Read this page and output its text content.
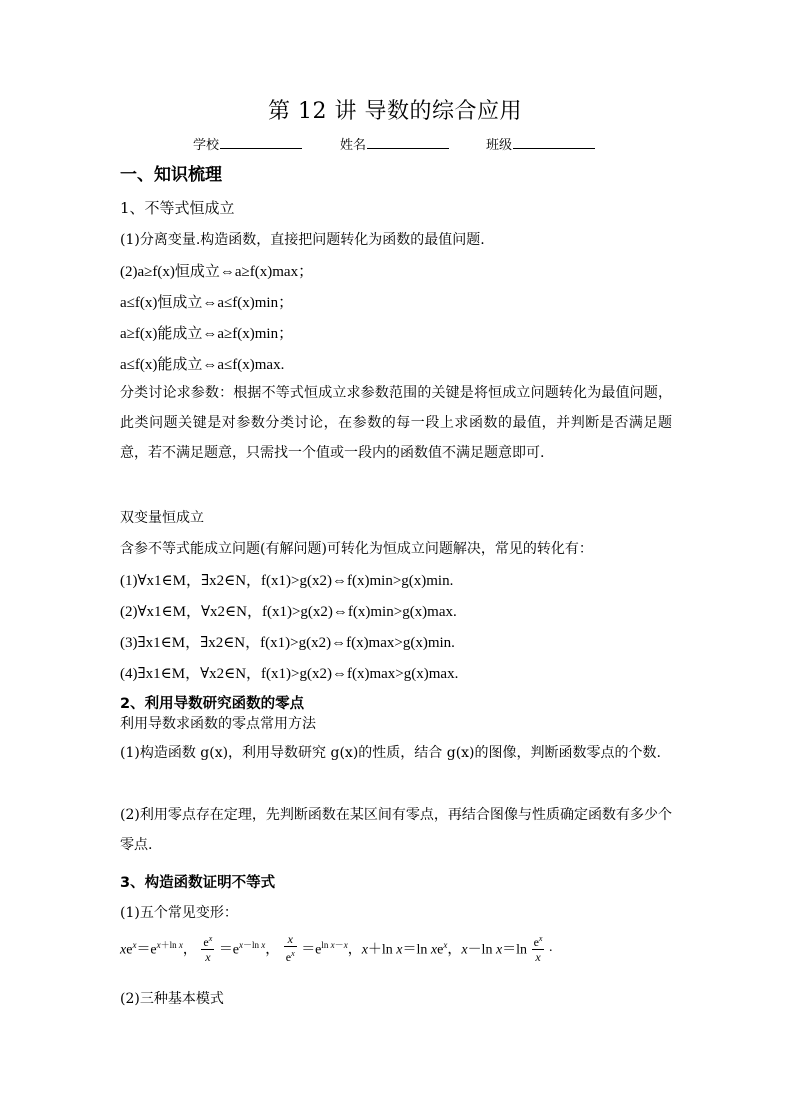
第 12 讲 导数的综合应用
学校	姓名	班级
一、知识梳理
1、不等式恒成立
(1)分离变量.构造函数，直接把问题转化为函数的最值问题.
(2)a≥f(x)恒成立⇔a≥f(x)max；
a≤f(x)恒成立⇔a≤f(x)min；
a≥f(x)能成立⇔a≥f(x)min；
a≤f(x)能成立⇔a≤f(x)max.
分类讨论求参数：根据不等式恒成立求参数范围的关键是将恒成立问题转化为最值问题，此类问题关键是对参数分类讨论，在参数的每一段上求函数的最值，并判断是否满足题意，若不满足题意，只需找一个值或一段内的函数值不满足题意即可.
双变量恒成立
含参不等式能成立问题(有解问题)可转化为恒成立问题解决，常见的转化有：
(1)∀x1∈M，∃x2∈N，f(x1)>g(x2)⇔f(x)min>g(x)min.
(2)∀x1∈M，∀x2∈N，f(x1)>g(x2)⇔f(x)min>g(x)max.
(3)∃x1∈M，∃x2∈N，f(x1)>g(x2)⇔f(x)max>g(x)min.
(4)∃x1∈M，∀x2∈N，f(x1)>g(x2)⇔f(x)max>g(x)max.
2、利用导数研究函数的零点
利用导数求函数的零点常用方法
(1)构造函数 g(x)，利用导数研究 g(x)的性质，结合 g(x)的图像，判断函数零点的个数.
(2)利用零点存在定理，先判断函数在某区间有零点，再结合图像与性质确定函数有多少个零点.
3、构造函数证明不等式
(1)五个常见变形：
$xe^x=e^{x+ln x}$， $\frac{e^x}{x} =e^{x-ln x}$， $\frac{x}{e^x} =e^{ln x-x}$，x＋ln x＝ln $xe^x$，x－ln $x=\ln \frac{e^x}{x}$ .
(2)三种基本模式
